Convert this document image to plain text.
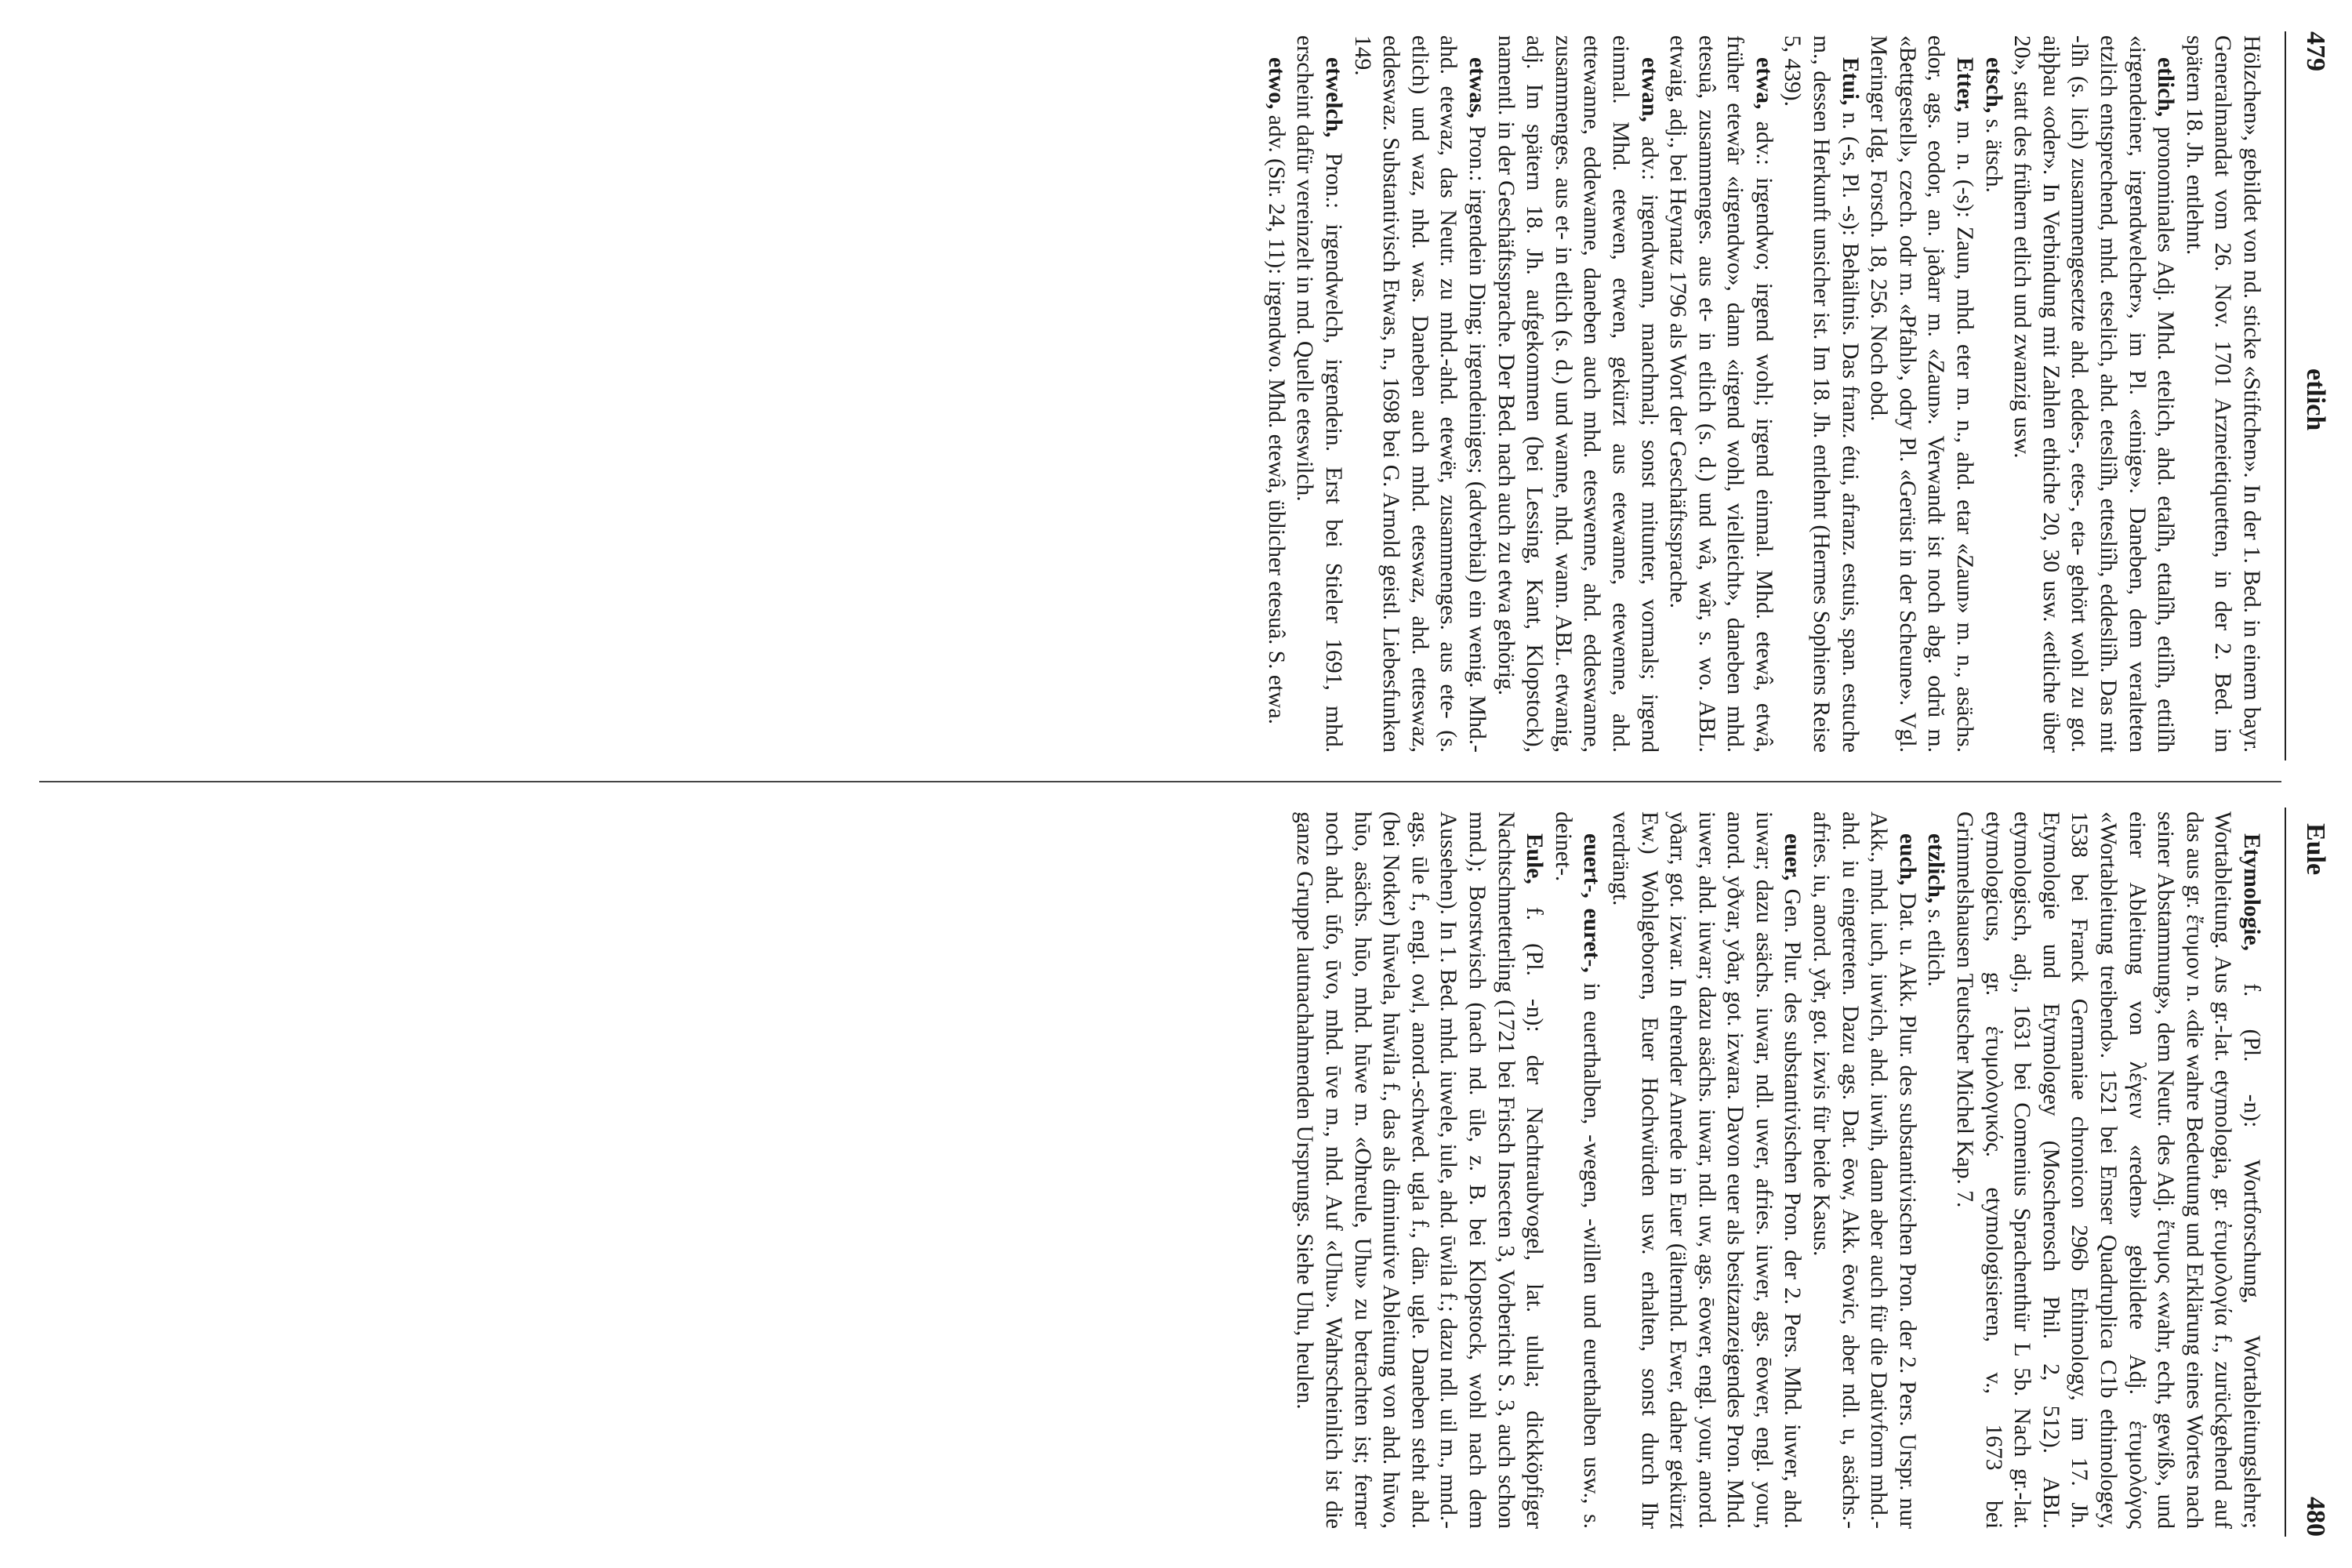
479
etlich

Hölzchen», gebildet von nd. sticke «Stiftchen». In der 1. Bed. in einem bayr. Generalmandat vom 26. Nov. 1701 Arzneietiquetten, in der 2. Bed. im spätern 18. Jh. entlehnt.

etlich, pronominales Adj. Mhd. etelich, ahd. etalîh, ettalîh, etilîh, ettilîh «irgendeiner, irgendwelcher», im Pl. «einige». Daneben, dem veralteten etzlich entsprechend, mhd. etselich, ahd. etesliîh, ettesliîh, eddesliîh. Das mit -lîh (s. lich) zusammengesetzte ahd. eddes-, etes-, eta- gehört wohl zu got. aiþþau «oder». In Verbindung mit Zahlen ethiche 20, 30 usw. «etliche über 20», statt des frühern etlich und zwanzig usw.

etsch, s. ätsch.

Etter, m. n. (-s): Zaun, mhd. eter m. n., ahd. etar «Zaun» m. n., asächs. edor, ags. eodor, an. jaðarr m. «Zaun». Verwandt ist noch abg. odrŭ m. «Bettgestell», czech. odr m. «Pfahl», odry Pl. «Gerüst in der Scheune». Vgl. Meringer Idg. Forsch. 18, 256. Noch obd.

Etui, n. (-s, Pl. -s): Behältnis. Das franz. étui, afranz. estuis, span. estuche m., dessen Herkunft unsicher ist. Im 18. Jh. entlehnt (Hermes Sophiens Reise 5, 439).

etwa, adv.: irgendwo; irgend wohl; irgend einmal. Mhd. etewâ, etwâ, früher etewâr «irgendwo», dann «irgend wohl, vielleicht», daneben mhd. etesuâ, zusammenges. aus et- in etlich (s. d.) und wâ, wâr, s. wo. ABL. etwaig, adj., bei Heynatz 1796 als Wort der Geschäftssprache.

etwan, adv.: irgendwann, manchmal; sonst mitunter, vormals; irgend einmal. Mhd. etewen, etwen, gekürzt aus etewanne, etewenne, ahd. ettewanne, eddewanne, daneben auch mhd. eteswenne, ahd. eddeswanne, zusammenges. aus et- in etlich (s. d.) und wanne, nhd. wann. ABL. etwanig, adj. Im spätern 18. Jh. aufgekommen (bei Lessing, Kant, Klopstock), namentl. in der Geschäftssprache. Der Bed. nach auch zu etwa gehörig.

etwas, Pron.: irgendein Ding; irgendeiniges; (adverbial) ein wenig. Mhd.-ahd. etewaz, das Neutr. zu mhd.-ahd. etewër, zusammenges. aus ete- (s. etlich) und waz, nhd. was. Daneben auch mhd. eteswaz, ahd. etteswaz, eddeswaz. Substantivisch Etwas, n., 1698 bei G. Arnold geistl. Liebesfunken 149.

etwelch, Pron.: irgendwelch, irgendein. Erst bei Stieler 1691, mhd. erscheint dafür vereinzelt in md. Quelle eteswilch.

etwo, adv. (Sir. 24, 11): irgendwo. Mhd. etewâ, üblicher etesuâ. S. etwa.

Eule
480

Etymologie, f. (Pl. -n): Wortforschung, Wortableitungslehre; Wortableitung. Aus gr.-lat. etymologia, gr. ἐτυμολογία f., zurückgehend auf das aus gr. ἔτυμον n. «die wahre Bedeutung und Erklärung eines Wortes nach seiner Abstammung», dem Neutr. des Adj. ἔτυμος «wahr, echt, gewiß», und einer Ableitung von λέγειν «reden» gebildete Adj. ἐτυμολόγος «Wortableitung treibend». 1521 bei Emser Quadruplica C1b ethimologey, 1538 bei Franck Germaniae chronicon 296b Ethimology, im 17. Jh. Etymologie und Etymologey (Moscherosch Phil. 2, 512). ABL. etymologisch, adj., 1631 bei Comenius Sprachenthür L 5b. Nach gr.-lat. etymologicus, gr. ἐτυμολογικός. etymologisieren, v., 1673 bei Grimmelshausen Teutscher Michel Kap. 7.

etzlich, s. etlich.

euch, Dat. u. Akk. Plur. des substantivischen Pron. der 2. Pers. Urspr. nur Akk., mhd. iuch, iuwich, ahd. iuwih, dann aber auch für die Dativform mhd.-ahd. iu eingetreten. Dazu ags. Dat. ēow, Akk. ēowic, aber ndl. u, asächs.-afries. iu, anord. yðr, got. izwis für beide Kasus.

euer, Gen. Plur. des substantivischen Pron. der 2. Pers. Mhd. iuwer, ahd. iuwar; dazu asächs. iuwar, ndl. uwer, afries. iuwer, ags. ēower, engl. your, anord. yðvar, yðar, got. izwara. Davon euer als besitzanzeigendes Pron. Mhd. iuwer, ahd. iuwar; dazu asächs. iuwar, ndl. uw, ags. ēower, engl. your, anord. yðarr, got. izwar. In ehrender Anrede in Euer (älternhd. Ewer, daher gekürzt Ew.) Wohlgeboren, Euer Hochwürden usw. erhalten, sonst durch Ihr verdrängt.

euert-, euret-, in euerthalben, -wegen, -willen und eurethalben usw., s. deinet-.

Eule, f. (Pl. -n): der Nachtraubvogel, lat. ulula; dickköpfiger Nachtschmetterling (1721 bei Frisch Insecten 3, Vorbericht S. 3, auch schon mnd.); Borstwisch (nach nd. ūle, z. B. bei Klopstock, wohl nach dem Aussehen). In 1. Bed. mhd. iuwele, iule, ahd. ūwila f.; dazu ndl. uil m., mnd.-ags. ūle f., engl. owl, anord.-schwed. ugla f., dän. ugle. Daneben steht ahd. (bei Notker) hūwela, hūwila f., das als diminutive Ableitung von ahd. hūwo, hūo, asächs. hūo, mhd. hūwe m. «Ohreule, Uhu» zu betrachten ist; ferner noch ahd. ūfo, ūvo, mhd. ūve m., nhd. Auf «Uhu». Wahrscheinlich ist die ganze Gruppe lautnachahmenden Ursprungs. Siehe Uhu, heulen.
